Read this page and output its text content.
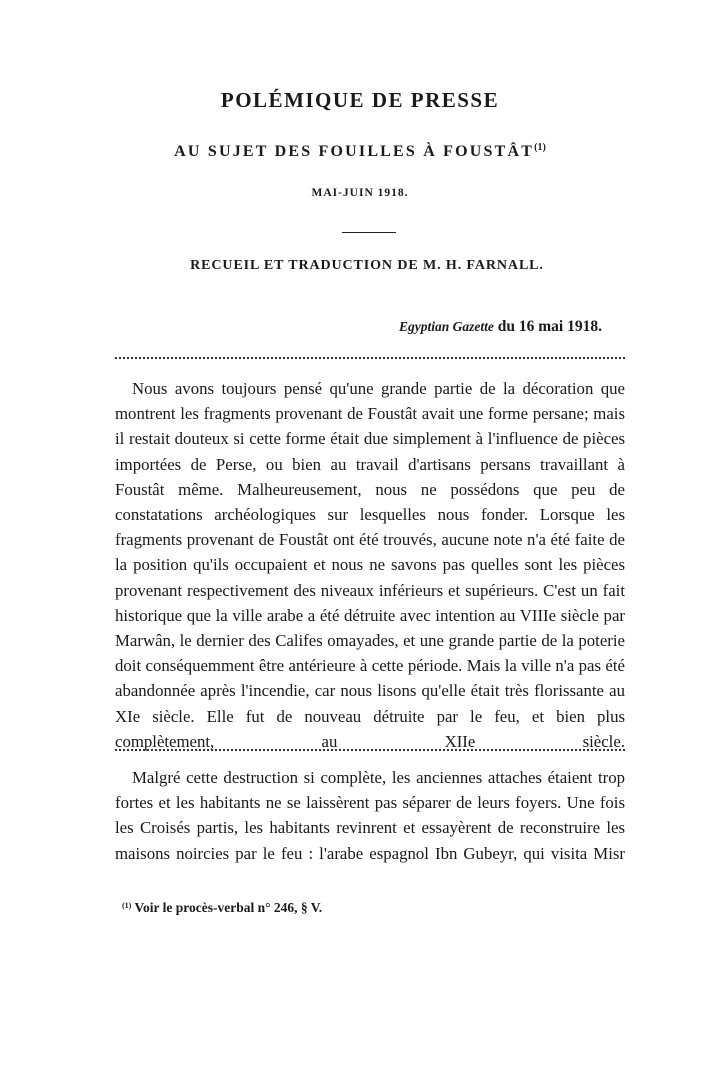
POLÉMIQUE DE PRESSE
AU SUJET DES FOUILLES À FOUSTÂT$^{(1)}$
MAI-JUIN 1918.
RECUEIL ET TRADUCTION DE M. H. FARNALL.
Egyptian Gazette du 16 mai 1918.
Nous avons toujours pensé qu'une grande partie de la décoration que montrent les fragments provenant de Foustât avait une forme persane; mais il restait douteux si cette forme était due simplement à l'influence de pièces importées de Perse, ou bien au travail d'artisans persans travaillant à Foustât même. Malheureusement, nous ne possédons que peu de constatations archéologiques sur lesquelles nous fonder. Lorsque les fragments provenant de Foustât ont été trouvés, aucune note n'a été faite de la position qu'ils occupaient et nous ne savons pas quelles sont les pièces provenant respectivement des niveaux inférieurs et supérieurs. C'est un fait historique que la ville arabe a été détruite avec intention au VIIIe siècle par Marwân, le dernier des Califes omayades, et une grande partie de la poterie doit conséquemment être antérieure à cette période. Mais la ville n'a pas été abandonnée après l'incendie, car nous lisons qu'elle était très florissante au XIe siècle. Elle fut de nouveau détruite par le feu, et bien plus complètement, au XIIe siècle.
Malgré cette destruction si complète, les anciennes attaches étaient trop fortes et les habitants ne se laissèrent pas séparer de leurs foyers. Une fois les Croisés partis, les habitants revinrent et essayèrent de reconstruire les maisons noircies par le feu : l'arabe espagnol Ibn Gubeyr, qui visita Misr
$^{(1)}$ Voir le procès-verbal n° 246, § V.
